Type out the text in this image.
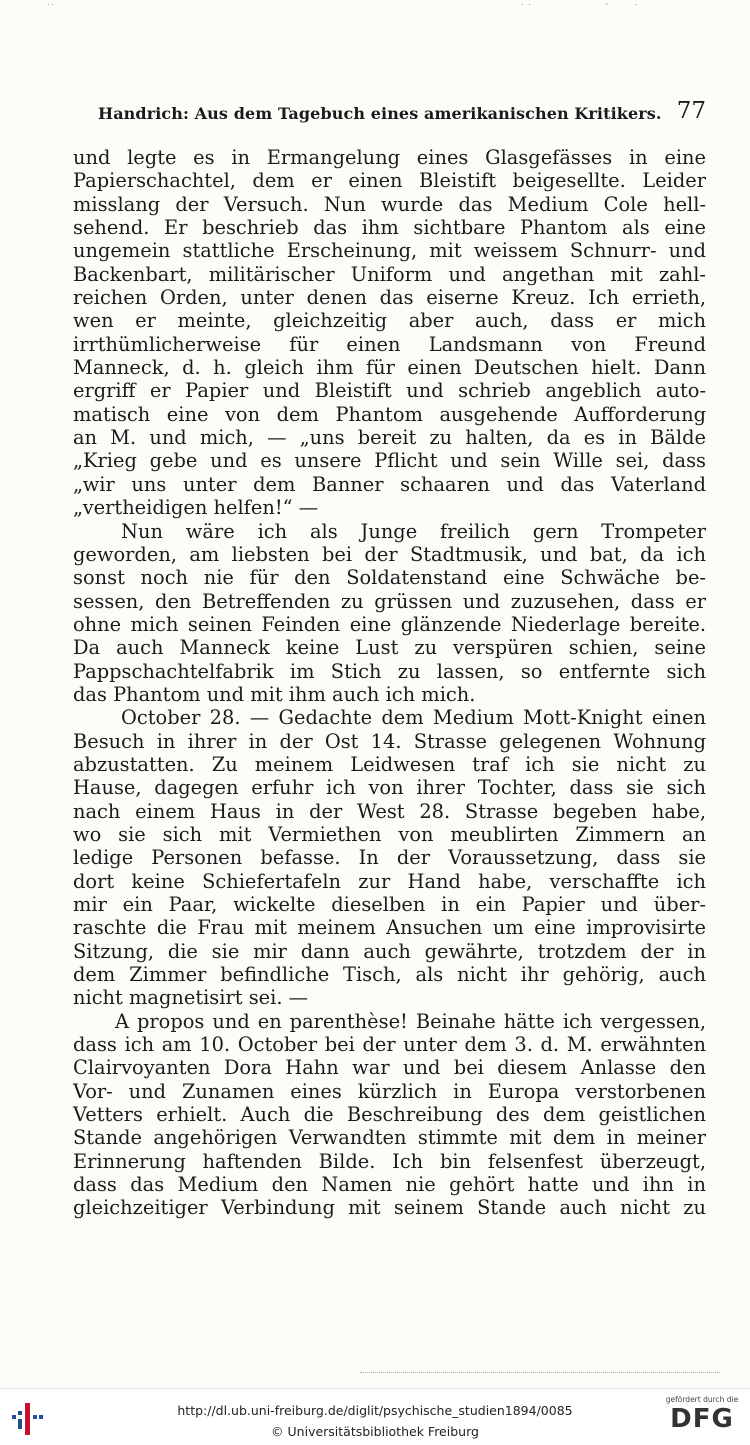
˙˙	˙ ˙	`	˙
Handrich: Aus dem Tagebuch eines amerikanischen Kritikers. 77
und legte es in Ermangelung eines Glasgefässes in eine
Papierschachtel, dem er einen Bleistift beigesellte. Leider
misslang der Versuch. Nun wurde das Medium Cole hell-
sehend. Er beschrieb das ihm sichtbare Phantom als eine
ungemein stattliche Erscheinung, mit weissem Schnurr- und
Backenbart, militärischer Uniform und angethan mit zahl-
reichen Orden, unter denen das eiserne Kreuz. Ich errieth,
wen er meinte, gleichzeitig aber auch, dass er mich
irrthümlicherweise für einen Landsmann von Freund
Manneck, d. h. gleich ihm für einen Deutschen hielt. Dann
ergriff er Papier und Bleistift und schrieb angeblich auto-
matisch eine von dem Phantom ausgehende Aufforderung
an M. und mich, — „uns bereit zu halten, da es in Bälde
„Krieg gebe und es unsere Pflicht und sein Wille sei, dass
„wir uns unter dem Banner schaaren und das Vaterland
„vertheidigen helfen!“ —
Nun wäre ich als Junge freilich gern Trompeter
geworden, am liebsten bei der Stadtmusik, und bat, da ich
sonst noch nie für den Soldatenstand eine Schwäche be-
sessen, den Betreffenden zu grüssen und zuzusehen, dass er
ohne mich seinen Feinden eine glänzende Niederlage bereite.
Da auch Manneck keine Lust zu verspüren schien, seine
Pappschachtelfabrik im Stich zu lassen, so entfernte sich
das Phantom und mit ihm auch ich mich.
October 28. — Gedachte dem Medium Mott-Knight einen
Besuch in ihrer in der Ost 14. Strasse gelegenen Wohnung
abzustatten. Zu meinem Leidwesen traf ich sie nicht zu
Hause, dagegen erfuhr ich von ihrer Tochter, dass sie sich
nach einem Haus in der West 28. Strasse begeben habe,
wo sie sich mit Vermiethen von meublirten Zimmern an
ledige Personen befasse. In der Voraussetzung, dass sie
dort keine Schiefertafeln zur Hand habe, verschaffte ich
mir ein Paar, wickelte dieselben in ein Papier und über-
raschte die Frau mit meinem Ansuchen um eine improvisirte
Sitzung, die sie mir dann auch gewährte, trotzdem der in
dem Zimmer befindliche Tisch, als nicht ihr gehörig, auch
nicht magnetisirt sei. —
A propos und en parenthèse! Beinahe hätte ich vergessen,
dass ich am 10. October bei der unter dem 3. d. M. erwähnten
Clairvoyanten Dora Hahn war und bei diesem Anlasse den
Vor- und Zunamen eines kürzlich in Europa verstorbenen
Vetters erhielt. Auch die Beschreibung des dem geistlichen
Stande angehörigen Verwandten stimmte mit dem in meiner
Erinnerung haftenden Bilde. Ich bin felsenfest überzeugt,
dass das Medium den Namen nie gehört hatte und ihn in
gleichzeitiger Verbindung mit seinem Stande auch nicht zu
http://dl.ub.uni-freiburg.de/diglit/psychische_studien1894/0085
© Universitätsbibliothek Freiburg
gefördert durch die
DFG
